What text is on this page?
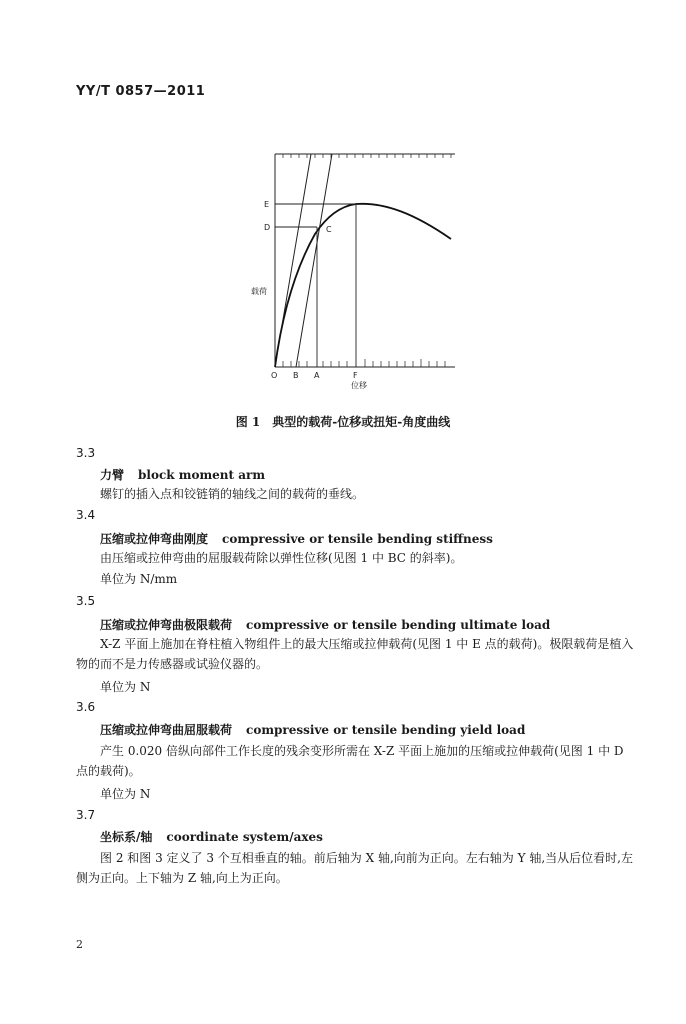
YY/T 0857—2011
E
D	C
O B A	F
载荷
位移
图 1　典型的载荷-位移或扭矩-角度曲线
3.3
力臂 block moment arm
螺钉的插入点和铰链销的轴线之间的载荷的垂线。
3.4
压缩或拉伸弯曲刚度 compressive or tensile bending stiffness
由压缩或拉伸弯曲的屈服载荷除以弹性位移(见图 1 中 BC 的斜率)。
单位为 N/mm
3.5
压缩或拉伸弯曲极限载荷 compressive or tensile bending ultimate load
X-Z 平面上施加在脊柱植入物组件上的最大压缩或拉伸载荷(见图 1 中 E 点的载荷)。极限载荷是植入物的而不是力传感器或试验仪器的。
单位为 N
3.6
压缩或拉伸弯曲屈服载荷 compressive or tensile bending yield load
产生 0.020 倍纵向部件工作长度的残余变形所需在 X-Z 平面上施加的压缩或拉伸载荷(见图 1 中 D 点的载荷)。
单位为 N
3.7
坐标系/轴 coordinate system/axes
图 2 和图 3 定义了 3 个互相垂直的轴。前后轴为 X 轴,向前为正向。左右轴为 Y 轴,当从后位看时,左侧为正向。上下轴为 Z 轴,向上为正向。
2
